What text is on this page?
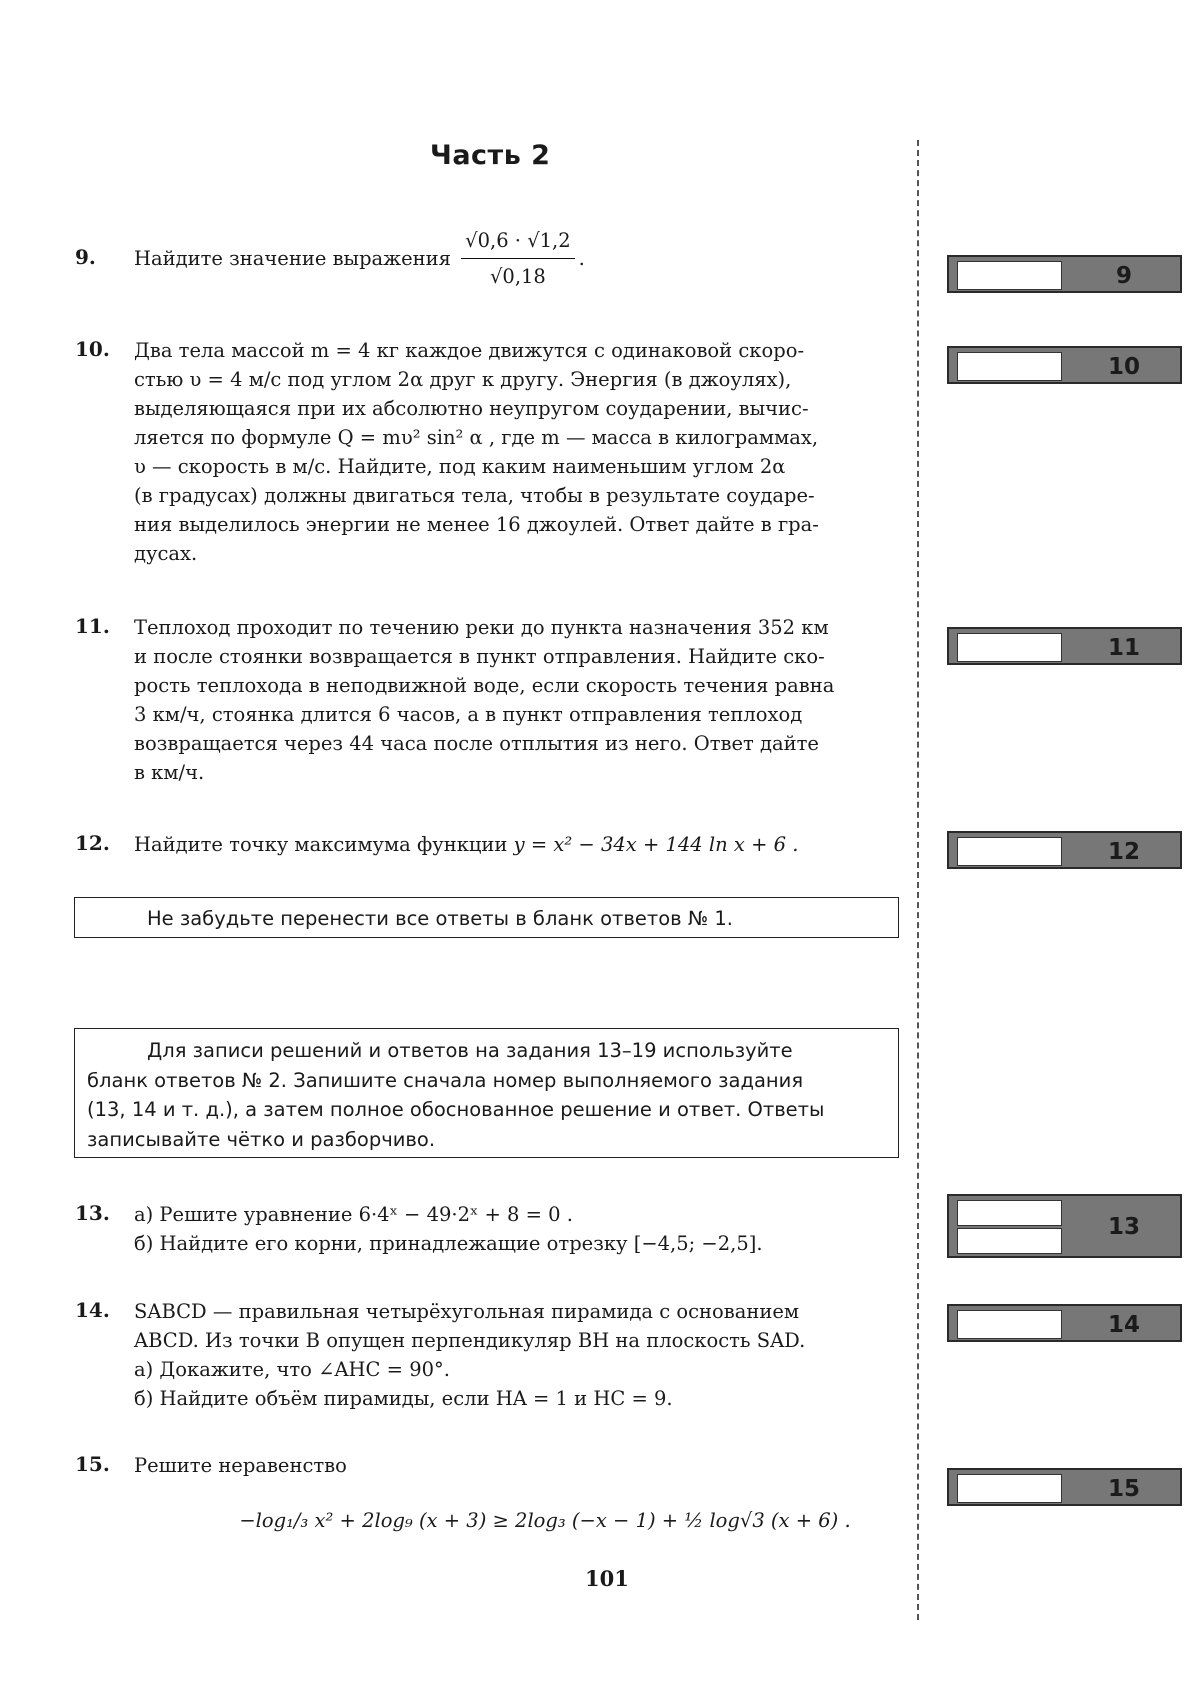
Часть 2
9.	Найдите значение выражения $\frac{√0,6 \cdot √1,2}{√0,18}$ .
10.	Два тела массой m = 4 кг каждое движутся с одинаковой скоро-
стью υ = 4 м/с под углом 2α друг к другу. Энергия (в джоулях),
выделяющаяся при их абсолютно неупругом соударении, вычис-
ляется по формуле Q = mυ² sin² α , где m — масса в килограммах,
υ — скорость в м/с. Найдите, под каким наименьшим углом 2α
(в градусах) должны двигаться тела, чтобы в результате соударе-
ния выделилось энергии не менее 16 джоулей. Ответ дайте в гра-
дусах.
11.	Теплоход проходит по течению реки до пункта назначения 352 км
и после стоянки возвращается в пункт отправления. Найдите ско-
рость теплохода в неподвижной воде, если скорость течения равна
3 км/ч, стоянка длится 6 часов, а в пункт отправления теплоход
возвращается через 44 часа после отплытия из него. Ответ дайте
в км/ч.
12.	Найдите точку максимума функции y = x² − 34x + 144 ln x + 6 .
Не забудьте перенести все ответы в бланк ответов № 1.
Для записи решений и ответов на задания 13–19 используйте
бланк ответов № 2. Запишите сначала номер выполняемого задания
(13, 14 и т. д.), а затем полное обоснованное решение и ответ. Ответы
записывайте чётко и разборчиво.
13.	а) Решите уравнение 6·4ˣ − 49·2ˣ + 8 = 0 .
б) Найдите его корни, принадлежащие отрезку [−4,5; −2,5].
14.	SABCD — правильная четырёхугольная пирамида с основанием
ABCD. Из точки B опущен перпендикуляр BH на плоскость SAD.
а) Докажите, что ∠AHC = 90°.
б) Найдите объём пирамиды, если HA = 1 и HC = 9.
15.	Решите неравенство
−log₁/₃ x² + 2log₉ (x + 3) ≥ 2log₃ (−x − 1) + ½ log√3 (x + 6) .
9
10
11
12
13
14
15
101
